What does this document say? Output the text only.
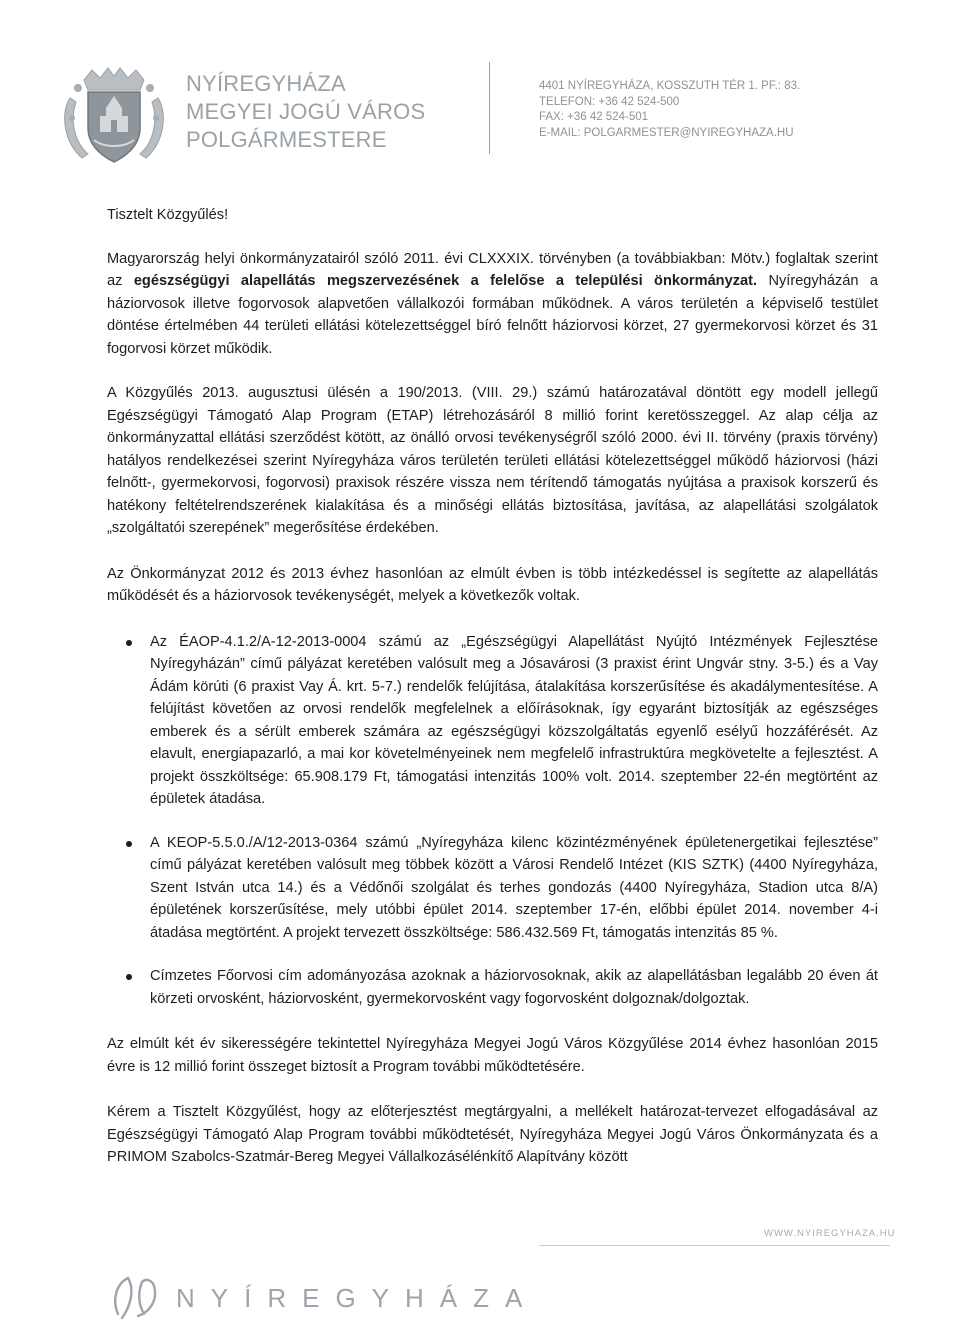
NYÍREGYHÁZA
MEGYEI JOGÚ VÁROS
POLGÁRMESTERE
4401 NYÍREGYHÁZA, KOSSZUTH TÉR 1. PF.: 83.
TELEFON: +36 42 524-500
FAX: +36 42 524-501
E-MAIL: POLGARMESTER@NYIREGYHAZA.HU
Tisztelt Közgyűlés!

Magyarország helyi önkormányzatairól szóló 2011. évi CLXXXIX. törvényben (a továbbiakban: Mötv.) foglaltak szerint az egészségügyi alapellátás megszervezésének a felelőse a települési önkormányzat. Nyíregyházán a háziorvosok illetve fogorvosok alapvetően vállalkozói formában működnek. A város területén a képviselő testület döntése értelmében 44 területi ellátási kötelezettséggel bíró felnőtt háziorvosi körzet, 27 gyermekorvosi körzet és 31 fogorvosi körzet működik.

A Közgyűlés 2013. augusztusi ülésén a 190/2013. (VIII. 29.) számú határozatával döntött egy modell jellegű Egészségügyi Támogató Alap Program (ETAP) létrehozásáról 8 millió forint keretösszeggel. Az alap célja az önkormányzattal ellátási szerződést kötött, az önálló orvosi tevékenységről szóló 2000. évi II. törvény (praxis törvény) hatályos rendelkezései szerint Nyíregyháza város területén területi ellátási kötelezettséggel működő háziorvosi (házi felnőtt-, gyermekorvosi, fogorvosi) praxisok részére vissza nem térítendő támogatás nyújtása a praxisok korszerű és hatékony feltételrendszerének kialakítása és a minőségi ellátás biztosítása, javítása, az alapellátási szolgálatok „szolgáltatói szerepének” megerősítése érdekében.

Az Önkormányzat 2012 és 2013 évhez hasonlóan az elmúlt évben is több intézkedéssel is segítette az alapellátás működését és a háziorvosok tevékenységét, melyek a következők voltak.

Az ÉAOP-4.1.2/A-12-2013-0004 számú az „Egészségügyi Alapellátást Nyújtó Intézmények Fejlesztése Nyíregyházán” című pályázat keretében valósult meg a Jósavárosi (3 praxist érint Ungvár stny. 3-5.) és a Vay Ádám körúti (6 praxist Vay Á. krt. 5-7.) rendelők felújítása, átalakítása korszerűsítése és akadálymentesítése. A felújítást követően az orvosi rendelők megfelelnek a előírásoknak, így egyaránt biztosítják az egészséges emberek és a sérült emberek számára az egészségügyi közszolgáltatás egyenlő esélyű hozzáférését. Az elavult, energiapazarló, a mai kor követelményeinek nem megfelelő infrastruktúra megkövetelte a fejlesztést. A projekt összköltsége: 65.908.179 Ft, támogatási intenzitás 100% volt. 2014. szeptember 22-én megtörtént az épületek átadása.
A KEOP-5.5.0./A/12-2013-0364 számú „Nyíregyháza kilenc közintézményének épületenergetikai fejlesztése” című pályázat keretében valósult meg többek között a Városi Rendelő Intézet (KIS SZTK) (4400 Nyíregyháza, Szent István utca 14.) és a Védőnői szolgálat és terhes gondozás (4400 Nyíregyháza, Stadion utca 8/A) épületének korszerűsítése, mely utóbbi épület 2014. szeptember 17-én, előbbi épület 2014. november 4-i átadása megtörtént. A projekt tervezett összköltsége: 586.432.569 Ft, támogatás intenzitás 85 %.
Címzetes Főorvosi cím adományozása azoknak a háziorvosoknak, akik az alapellátásban legalább 20 éven át körzeti orvosként, háziorvosként, gyermekorvosként vagy fogorvosként dolgoznak/dolgoztak.

Az elmúlt két év sikerességére tekintettel Nyíregyháza Megyei Jogú Város Közgyűlése 2014 évhez hasonlóan 2015 évre is 12 millió forint összeget biztosít a Program további működtetésére.

Kérem a Tisztelt Közgyűlést, hogy az előterjesztést megtárgyalni, a mellékelt határozat-tervezet elfogadásával az Egészségügyi Támogató Alap Program további működtetését, Nyíregyháza Megyei Jogú Város Önkormányzata és a PRIMOM Szabolcs-Szatmár-Bereg Megyei Vállalkozásélénkítő Alapítvány között

WWW.NYIREGYHAZA.HU
NYÍREGYHÁZA
